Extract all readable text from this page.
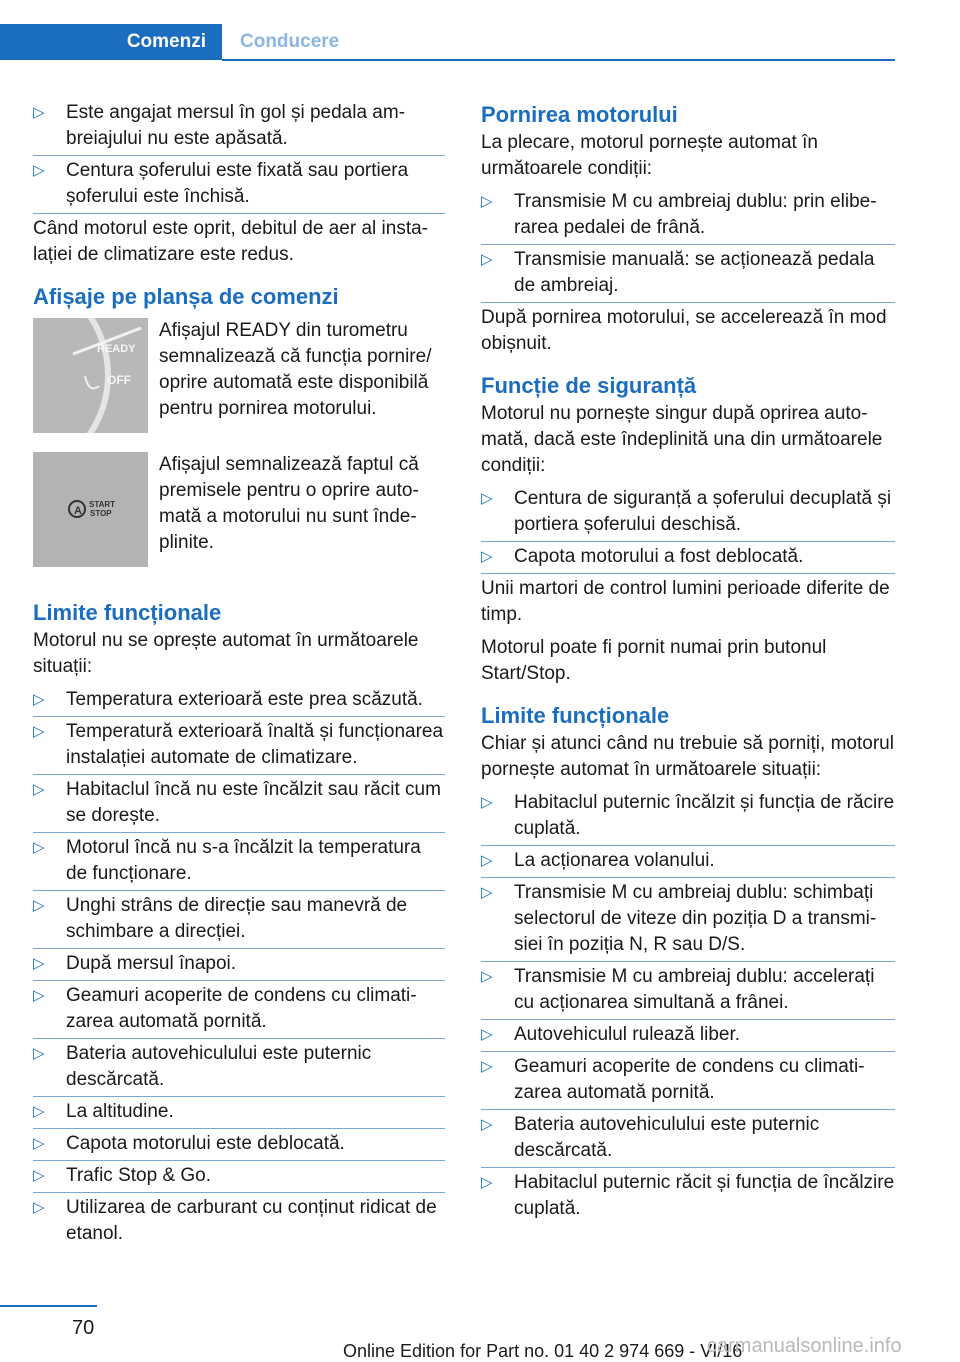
Comenzi	Conducere
▷ Este angajat mersul în gol și pedala ambreiajului nu este apăsată.
▷ Centura șoferului este fixată sau portiera șoferului este închisă.

Când motorul este oprit, debitul de aer al instalației de climatizare este redus.

Afișaje pe planșa de comenzi
READY
OFF
Afișajul READY din turometru semnalizează că funcția pornire/ oprire automată este disponibilă pentru pornirea motorului.
A
START
STOP
Afișajul semnalizează faptul că premisele pentru o oprire automată a motorului nu sunt îndeplinite.
Limite funcționale

Motorul nu se oprește automat în următoarele situații:

▷ Temperatura exterioară este prea scăzută.
▷ Temperatură exterioară înaltă și funcționarea instalației automate de climatizare.
▷ Habitaclul încă nu este încălzit sau răcit cum se dorește.
▷ Motorul încă nu s-a încălzit la temperatura de funcționare.
▷ Unghi strâns de direcție sau manevră de schimbare a direcției.
▷ După mersul înapoi.
▷ Geamuri acoperite de condens cu climatizarea automată pornită.
▷ Bateria autovehiculului este puternic descărcată.
▷ La altitudine.
▷ Capota motorului este deblocată.
▷ Trafic Stop & Go.
▷ Utilizarea de carburant cu conținut ridicat de etanol.
Pornirea motorului

La plecare, motorul pornește automat în următoarele condiții:

▷ Transmisie M cu ambreiaj dublu: prin eliberarea pedalei de frână.
▷ Transmisie manuală: se acționează pedala de ambreiaj.

După pornirea motorului, se accelerează în mod obișnuit.

Funcție de siguranță

Motorul nu pornește singur după oprirea automată, dacă este îndeplinită una din următoarele condiții:

▷ Centura de siguranță a șoferului decuplată și portiera șoferului deschisă.
▷ Capota motorului a fost deblocată.

Unii martori de control lumini perioade diferite de timp.

Motorul poate fi pornit numai prin butonul Start/Stop.

Limite funcționale

Chiar și atunci când nu trebuie să porniți, motorul pornește automat în următoarele situații:

▷ Habitaclul puternic încălzit și funcția de răcire cuplată.
▷ La acționarea volanului.
▷ Transmisie M cu ambreiaj dublu: schimbați selectorul de viteze din poziția D a transmisiei în poziția N, R sau D/S.
▷ Transmisie M cu ambreiaj dublu: accelerați cu acționarea simultană a frânei.
▷ Autovehiculul rulează liber.
▷ Geamuri acoperite de condens cu climatizarea automată pornită.
▷ Bateria autovehiculului este puternic descărcată.
▷ Habitaclul puternic răcit și funcția de încălzire cuplată.
70
Online Edition for Part no. 01 40 2 974 669 - VI/16
carmanualsonline.info
